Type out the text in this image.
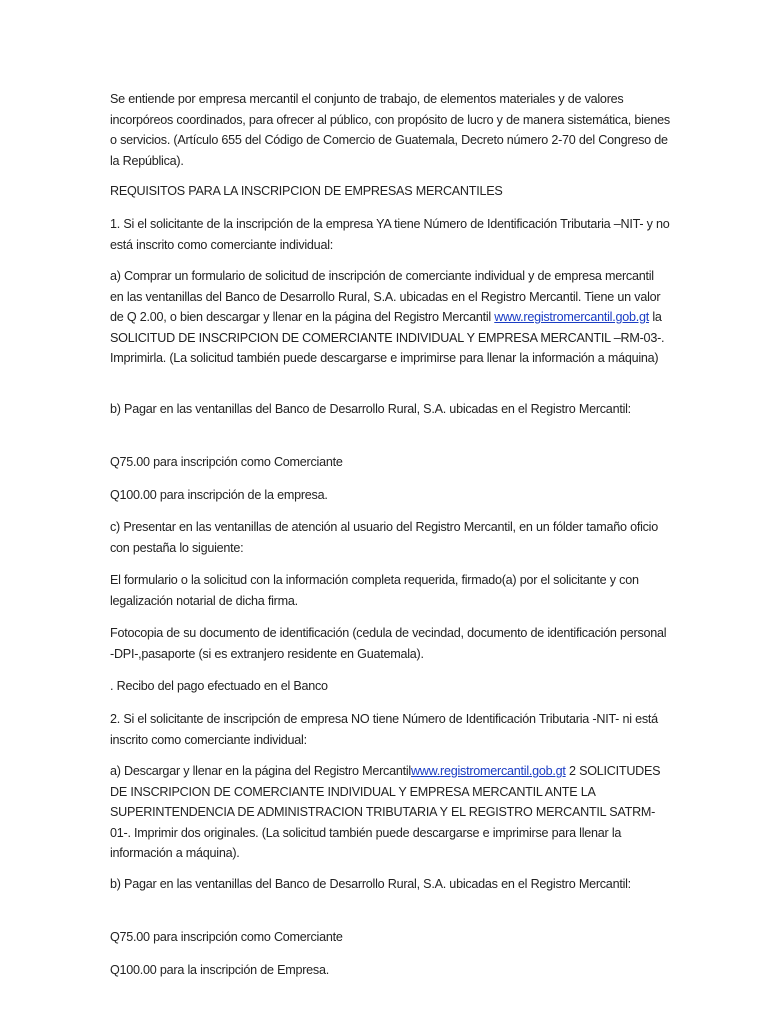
Se entiende por empresa mercantil el conjunto de trabajo, de elementos materiales y de valores incorpóreos coordinados, para ofrecer al público, con propósito de lucro y de manera sistemática, bienes o servicios. (Artículo 655 del Código de Comercio de Guatemala, Decreto número 2-70 del Congreso de la República).

REQUISITOS PARA LA INSCRIPCION DE EMPRESAS MERCANTILES

1. Si el solicitante de la inscripción de la empresa YA tiene Número de Identificación Tributaria –NIT- y no está inscrito como comerciante individual:

a) Comprar un formulario de solicitud de inscripción de comerciante individual y de empresa mercantil en las ventanillas del Banco de Desarrollo Rural, S.A. ubicadas en el Registro Mercantil. Tiene un valor de Q 2.00, o bien descargar y llenar en la página del Registro Mercantil www.registromercantil.gob.gt la SOLICITUD DE INSCRIPCION DE COMERCIANTE INDIVIDUAL Y EMPRESA MERCANTIL –RM-03-. Imprimirla. (La solicitud también puede descargarse e imprimirse para llenar la información a máquina)

b) Pagar en las ventanillas del Banco de Desarrollo Rural, S.A. ubicadas en el Registro Mercantil:

Q75.00 para inscripción como Comerciante

Q100.00 para inscripción de la empresa.

c) Presentar en las ventanillas de atención al usuario del Registro Mercantil, en un fólder tamaño oficio con pestaña lo siguiente:

El formulario o la solicitud con la información completa requerida, firmado(a) por el solicitante y con legalización notarial de dicha firma.

Fotocopia de su documento de identificación (cedula de vecindad, documento de identificación personal -DPI-,pasaporte (si es extranjero residente en Guatemala).

. Recibo del pago efectuado en el Banco

2. Si el solicitante de inscripción de empresa NO tiene Número de Identificación Tributaria -NIT- ni está inscrito como comerciante individual:

a) Descargar y llenar en la página del Registro Mercantilwww.registromercantil.gob.gt 2 SOLICITUDES DE INSCRIPCION DE COMERCIANTE INDIVIDUAL Y EMPRESA MERCANTIL ANTE LA SUPERINTENDENCIA DE ADMINISTRACION TRIBUTARIA Y EL REGISTRO MERCANTIL SATRM-01-. Imprimir dos originales. (La solicitud también puede descargarse e imprimirse para llenar la información a máquina).

b) Pagar en las ventanillas del Banco de Desarrollo Rural, S.A. ubicadas en el Registro Mercantil:

Q75.00 para inscripción como Comerciante

Q100.00 para la inscripción de Empresa.
